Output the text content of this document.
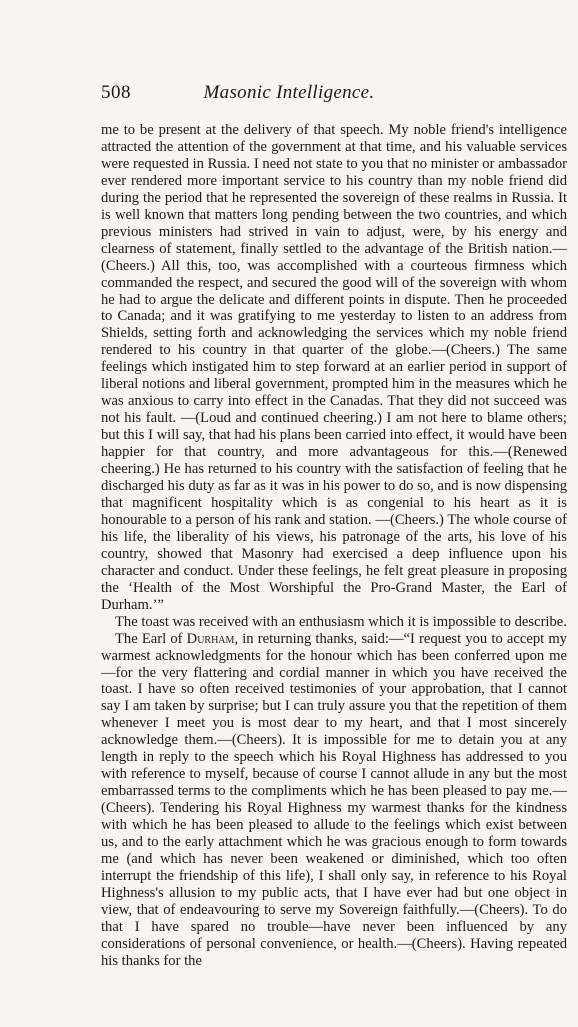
508	Masonic Intelligence.

me to be present at the delivery of that speech. My noble friend's intelligence attracted the attention of the government at that time, and his valuable services were requested in Russia. I need not state to you that no minister or ambassador ever rendered more important service to his country than my noble friend did during the period that he represented the sovereign of these realms in Russia. It is well known that matters long pending between the two countries, and which previous ministers had strived in vain to adjust, were, by his energy and clearness of statement, finally settled to the advantage of the British nation.—(Cheers.) All this, too, was accomplished with a courteous firmness which commanded the respect, and secured the good will of the sovereign with whom he had to argue the delicate and different points in dispute. Then he proceeded to Canada; and it was gratifying to me yesterday to listen to an address from Shields, setting forth and acknowledging the services which my noble friend rendered to his country in that quarter of the globe.—(Cheers.) The same feelings which instigated him to step forward at an earlier period in support of liberal notions and liberal government, prompted him in the measures which he was anxious to carry into effect in the Canadas. That they did not succeed was not his fault. —(Loud and continued cheering.) I am not here to blame others; but this I will say, that had his plans been carried into effect, it would have been happier for that country, and more advantageous for this.—(Renewed cheering.) He has returned to his country with the satisfaction of feeling that he discharged his duty as far as it was in his power to do so, and is now dispensing that magnificent hospitality which is as congenial to his heart as it is honourable to a person of his rank and station. —(Cheers.) The whole course of his life, the liberality of his views, his patronage of the arts, his love of his country, showed that Masonry had exercised a deep influence upon his character and conduct. Under these feelings, he felt great pleasure in proposing the ‘Health of the Most Worshipful the Pro-Grand Master, the Earl of Durham.’”

The toast was received with an enthusiasm which it is impossible to describe.

The Earl of Durham, in returning thanks, said:—“I request you to accept my warmest acknowledgments for the honour which has been conferred upon me—for the very flattering and cordial manner in which you have received the toast. I have so often received testimonies of your approbation, that I cannot say I am taken by surprise; but I can truly assure you that the repetition of them whenever I meet you is most dear to my heart, and that I most sincerely acknowledge them.—(Cheers). It is impossible for me to detain you at any length in reply to the speech which his Royal Highness has addressed to you with reference to myself, because of course I cannot allude in any but the most embarrassed terms to the compliments which he has been pleased to pay me.—(Cheers). Tendering his Royal Highness my warmest thanks for the kindness with which he has been pleased to allude to the feelings which exist between us, and to the early attachment which he was gracious enough to form towards me (and which has never been weakened or diminished, which too often interrupt the friendship of this life), I shall only say, in reference to his Royal Highness's allusion to my public acts, that I have ever had but one object in view, that of endeavouring to serve my Sovereign faithfully.—(Cheers). To do that I have spared no trouble—have never been influenced by any considerations of personal convenience, or health.—(Cheers). Having repeated his thanks for the
